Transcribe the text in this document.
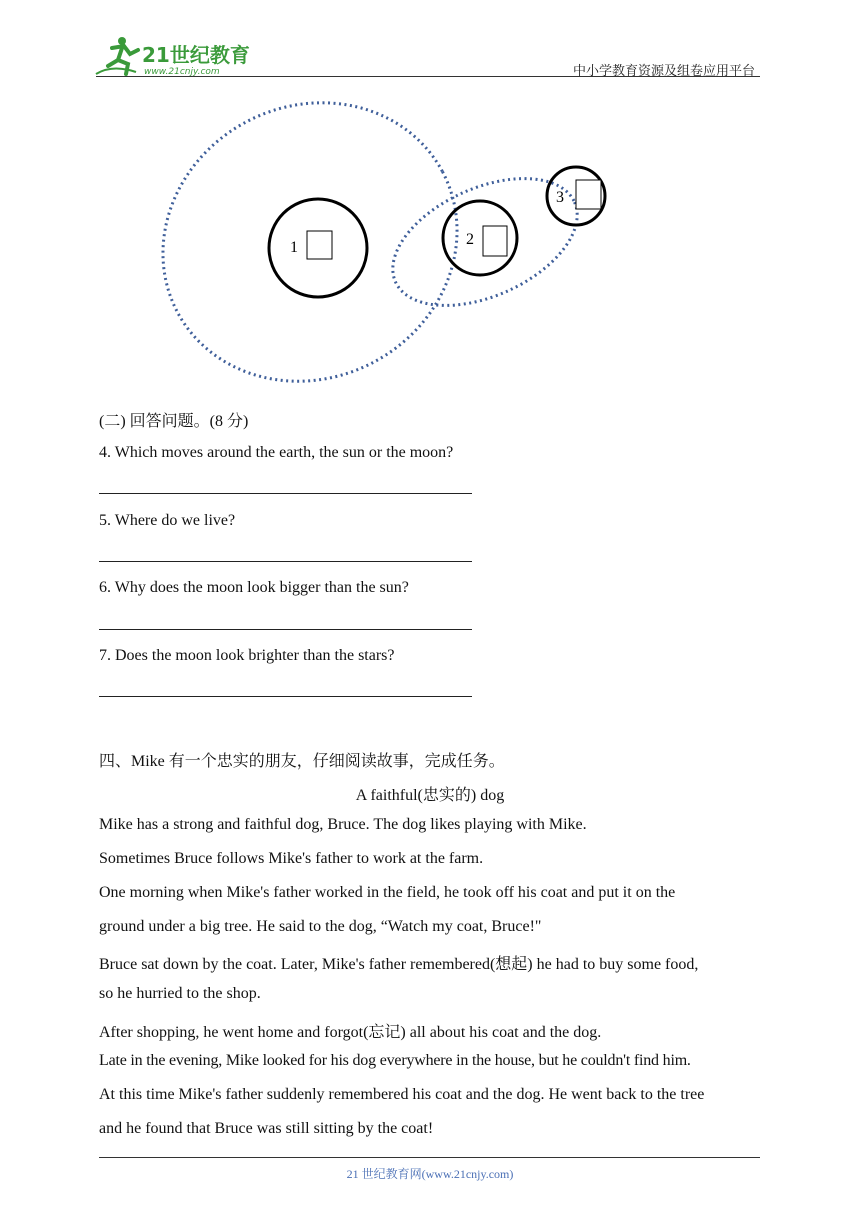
21世纪教育
www.21cnjy.com	中小学教育资源及组卷应用平台
1	2
3
(二) 回答问题。(8 分)
4. Which moves around the earth, the sun or the moon?
5. Where do we live?
6. Why does the moon look bigger than the sun?
7. Does the moon look brighter than the stars?
四、Mike 有一个忠实的朋友，仔细阅读故事，完成任务。
A faithful(忠实的) dog
Mike has a strong and faithful dog, Bruce. The dog likes playing with Mike.
Sometimes Bruce follows Mike's father to work at the farm.
One morning when Mike's father worked in the field, he took off his coat and put it on the
ground under a big tree. He said to the dog, “Watch my coat, Bruce!"
Bruce sat down by the coat. Later, Mike's father remembered(想起) he had to buy some food,
so he hurried to the shop.
After shopping, he went home and forgot(忘记) all about his coat and the dog.
Late in the evening, Mike looked for his dog everywhere in the house, but he couldn't find him.
At this time Mike's father suddenly remembered his coat and the dog. He went back to the tree
and he found that Bruce was still sitting by the coat!
21 世纪教育网(www.21cnjy.com)
